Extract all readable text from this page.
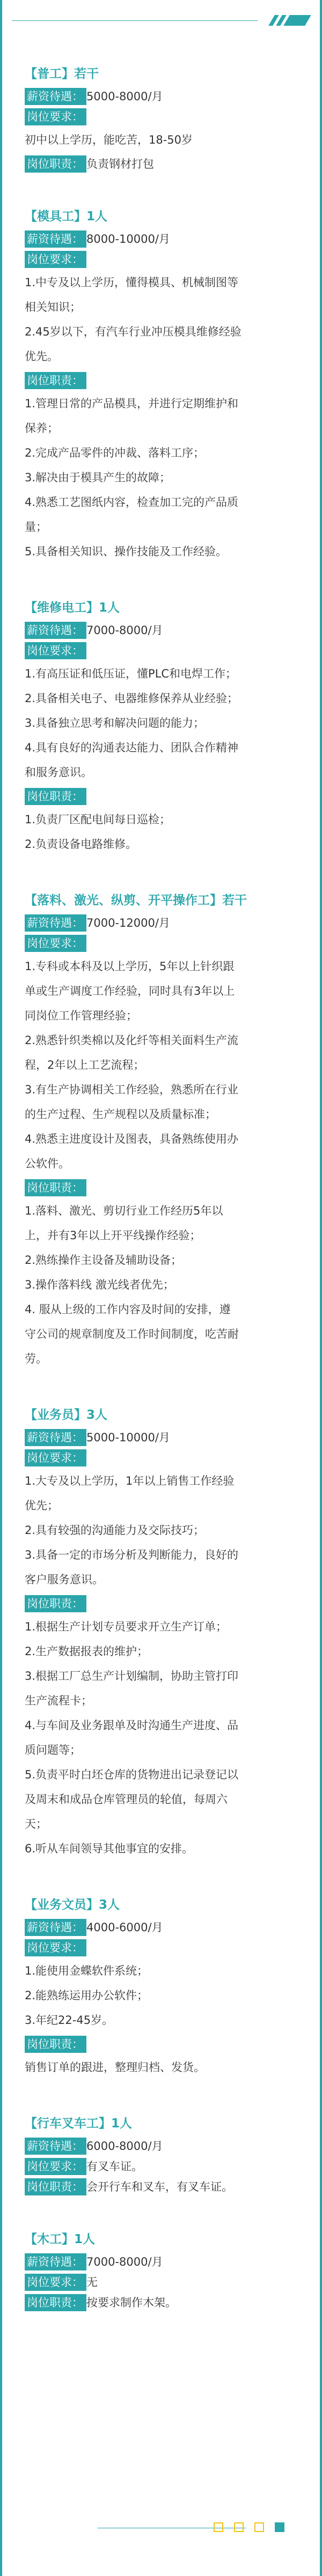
【普工】若干
薪资待遇： 5000-8000/月
岗位要求：
初中以上学历，能吃苦，18-50岁
岗位职责： 负责钢材打包
【模具工】1人
薪资待遇： 8000-10000/月
岗位要求：
1.中专及以上学历，懂得模具、机械制图等
相关知识；
2.45岁以下，有汽车行业冲压模具维修经验
优先。
岗位职责：
1.管理日常的产品模具，并进行定期维护和
保养；
2.完成产品零件的冲裁、落料工序；
3.解决由于模具产生的故障；
4.熟悉工艺图纸内容，检查加工完的产品质
量；
5.具备相关知识、操作技能及工作经验。
【维修电工】1人
薪资待遇： 7000-8000/月
岗位要求：
1.有高压证和低压证，懂PLC和电焊工作；
2.具备相关电子、电器维修保养从业经验；
3.具备独立思考和解决问题的能力；
4.具有良好的沟通表达能力、团队合作精神
和服务意识。
岗位职责：
1.负责厂区配电间每日巡检；
2.负责设备电路维修。
【落料、激光、纵剪、开平操作工】若干
薪资待遇： 7000-12000/月
岗位要求：
1.专科或本科及以上学历，5年以上针织跟
单或生产调度工作经验，同时具有3年以上
同岗位工作管理经验；
2.熟悉针织类棉以及化纤等相关面料生产流
程，2年以上工艺流程；
3.有生产协调相关工作经验，熟悉所在行业
的生产过程、生产规程以及质量标准；
4.熟悉主进度设计及图表，具备熟练使用办
公软件。
岗位职责：
1.落料、激光、剪切行业工作经历5年以
上，并有3年以上开平线操作经验；
2.熟练操作主设备及辅助设备；
3.操作落料线 激光线者优先；
4. 服从上级的工作内容及时间的安排，遵
守公司的规章制度及工作时间制度，吃苦耐
劳。
【业务员】3人
薪资待遇： 5000-10000/月
岗位要求：
1.大专及以上学历，1年以上销售工作经验
优先；
2.具有较强的沟通能力及交际技巧；
3.具备一定的市场分析及判断能力，良好的
客户服务意识。
岗位职责：
1.根据生产计划专员要求开立生产订单；
2.生产数据报表的维护；
3.根据工厂总生产计划编制，协助主管打印
生产流程卡；
4.与车间及业务跟单及时沟通生产进度、品
质问题等；
5.负责平时白坯仓库的货物进出记录登记以
及周末和成品仓库管理员的轮值，每周六
天；
6.听从车间领导其他事宜的安排。
【业务文员】3人
薪资待遇： 4000-6000/月
岗位要求：
1.能使用金蝶软件系统；
2.能熟练运用办公软件；
3.年纪22-45岁。
岗位职责：
销售订单的跟进，整理归档、发货。
【行车叉车工】1人
薪资待遇： 6000-8000/月
岗位要求： 有叉车证。
岗位职责： 会开行车和叉车，有叉车证。
【木工】1人
薪资待遇： 7000-8000/月
岗位要求： 无
岗位职责： 按要求制作木架。
